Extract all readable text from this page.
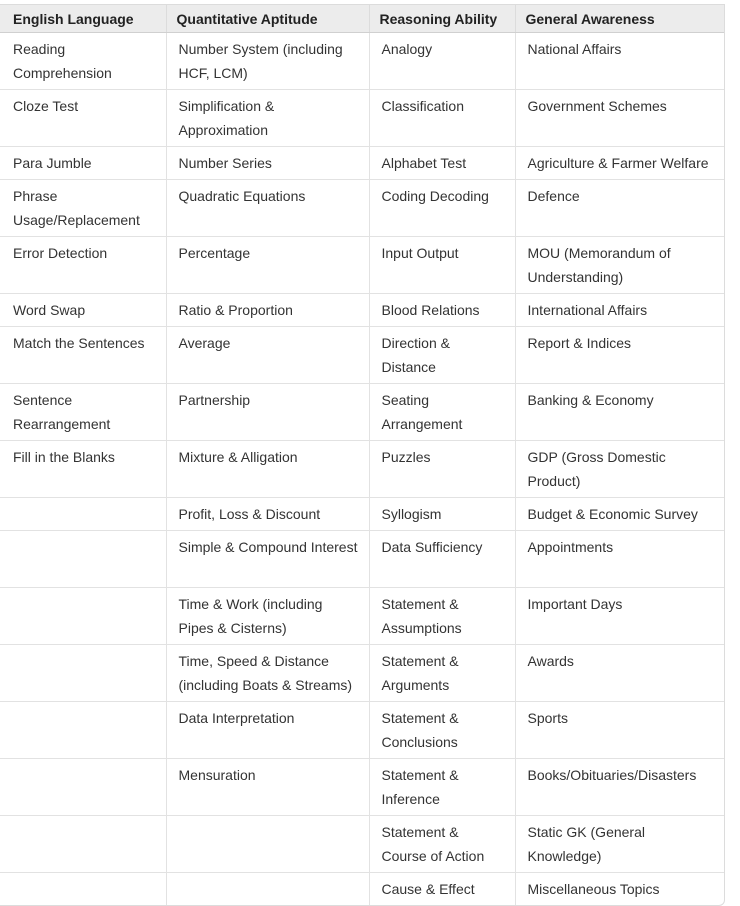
English Language	Quantitative Aptitude	Reasoning Ability	General Awareness
Reading Comprehension	Number System (including HCF, LCM)	Analogy	National Affairs
Cloze Test	Simplification & Approximation	Classification	Government Schemes
Para Jumble	Number Series	Alphabet Test	Agriculture & Farmer Welfare
Phrase Usage/Replacement	Quadratic Equations	Coding Decoding	Defence
Error Detection	Percentage	Input Output	MOU (Memorandum of Understanding)
Word Swap	Ratio & Proportion	Blood Relations	International Affairs
Match the Sentences	Average	Direction & Distance	Report & Indices
Sentence Rearrangement	Partnership	Seating Arrangement	Banking & Economy
Fill in the Blanks	Mixture & Alligation	Puzzles	GDP (Gross Domestic Product)
	Profit, Loss & Discount	Syllogism	Budget & Economic Survey
	Simple & Compound Interest	Data Sufficiency	Appointments
	Time & Work (including Pipes & Cisterns)	Statement & Assumptions	Important Days
	Time, Speed & Distance (including Boats & Streams)	Statement & Arguments	Awards
	Data Interpretation	Statement & Conclusions	Sports
	Mensuration	Statement & Inference	Books/Obituaries/Disasters
		Statement & Course of Action	Static GK (General Knowledge)
		Cause & Effect	Miscellaneous Topics
